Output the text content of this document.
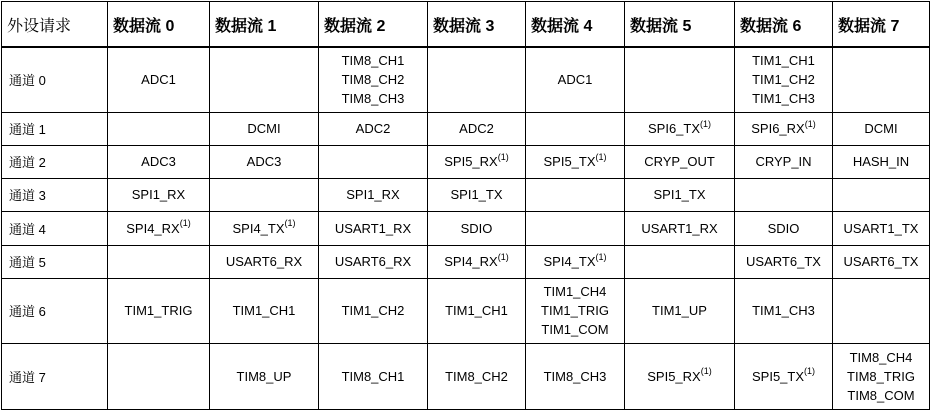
外设请求	数据流 0	数据流 1	数据流 2	数据流 3	数据流 4	数据流 5	数据流 6	数据流 7
通道 0	ADC1		TIM8_CH1
TIM8_CH2
TIM8_CH3		ADC1		TIM1_CH1
TIM1_CH2
TIM1_CH3	

通道 1		DCMI	ADC2	ADC2		SPI6_TX$^{(1)}$	SPI6_RX$^{(1)}$	DCMI

通道 2	ADC3	ADC3		SPI5_RX$^{(1)}$	SPI5_TX$^{(1)}$	CRYP_OUT	CRYP_IN	HASH_IN

通道 3	SPI1_RX		SPI1_RX	SPI1_TX		SPI1_TX		

通道 4	SPI4_RX$^{(1)}$	SPI4_TX$^{(1)}$	USART1_RX	SDIO		USART1_RX	SDIO	USART1_TX

通道 5		USART6_RX	USART6_RX	SPI4_RX$^{(1)}$	SPI4_TX$^{(1)}$		USART6_TX	USART6_TX

通道 6	TIM1_TRIG	TIM1_CH1	TIM1_CH2	TIM1_CH1	TIM1_CH4
TIM1_TRIG
TIM1_COM	TIM1_UP	TIM1_CH3	

通道 7		TIM8_UP	TIM8_CH1	TIM8_CH2	TIM8_CH3	SPI5_RX$^{(1)}$	SPI5_TX$^{(1)}$	TIM8_CH4
TIM8_TRIG
TIM8_COM
